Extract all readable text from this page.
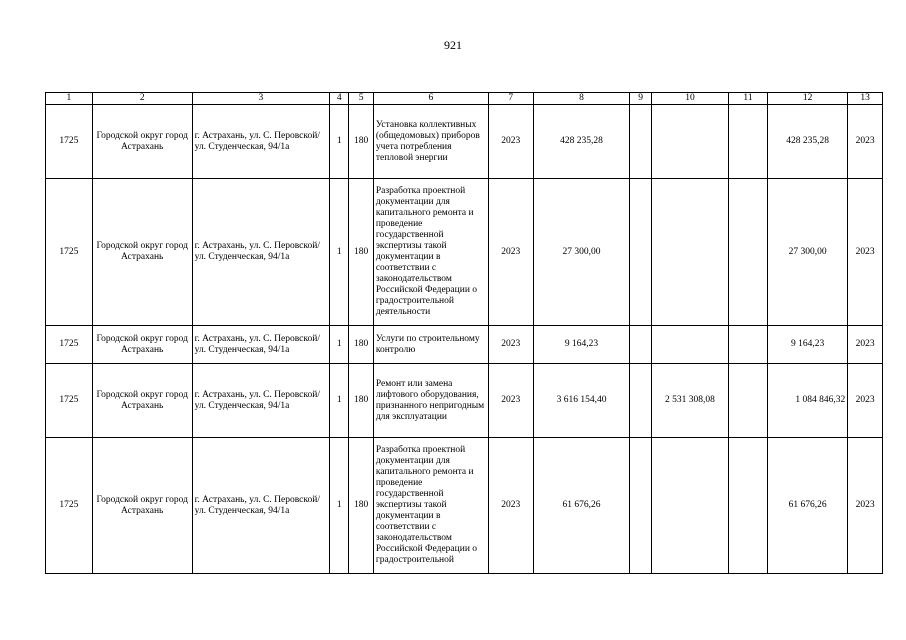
921
1	2	3	4	5	6	7	8	9	10	11	12	13
1725	Городской округ город Астрахань	г. Астрахань, ул. С. Перовской/ ул. Студенческая, 94/1а	1	180	Установка коллективных (общедомовых) приборов учета потребления тепловой энергии	2023	428 235,28				428 235,28	2023
1725	Городской округ город Астрахань	г. Астрахань, ул. С. Перовской/ ул. Студенческая, 94/1а	1	180	Разработка проектной документации для капитального ремонта и проведение государственной экспертизы такой документации в соответствии с законодательством Российской Федерации о градостроительной деятельности	2023	27 300,00				27 300,00	2023
1725	Городской округ город Астрахань	г. Астрахань, ул. С. Перовской/ ул. Студенческая, 94/1а	1	180	Услуги по строительному контролю	2023	9 164,23				9 164,23	2023
1725	Городской округ город Астрахань	г. Астрахань, ул. С. Перовской/ ул. Студенческая, 94/1а	1	180	Ремонт или замена лифтового оборудования, признанного непригодным для эксплуатации	2023	3 616 154,40		2 531 308,08		1 084 846,32	2023
1725	Городской округ город Астрахань	г. Астрахань, ул. С. Перовской/ ул. Студенческая, 94/1а	1	180	Разработка проектной документации для капитального ремонта и проведение государственной экспертизы такой документации в соответствии с законодательством Российской Федерации о градостроительной	2023	61 676,26				61 676,26	2023
